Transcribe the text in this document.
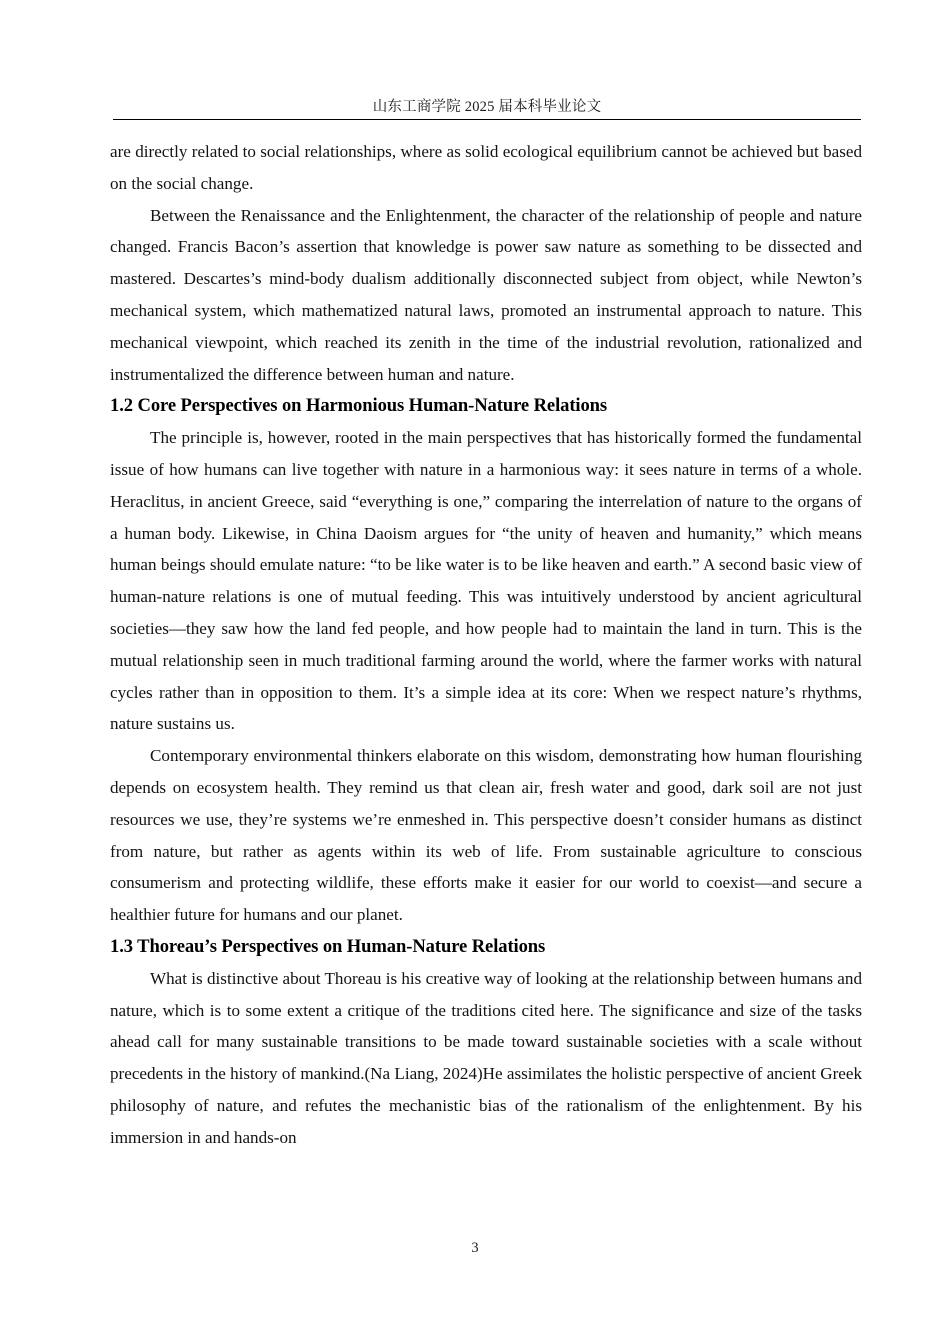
山东工商学院 2025 届本科毕业论文

are directly related to social relationships, where as solid ecological equilibrium cannot be achieved but based on the social change.

Between the Renaissance and the Enlightenment, the character of the relationship of people and nature changed. Francis Bacon’s assertion that knowledge is power saw nature as something to be dissected and mastered. Descartes’s mind-body dualism additionally disconnected subject from object, while Newton’s mechanical system, which mathematized natural laws, promoted an instrumental approach to nature. This mechanical viewpoint, which reached its zenith in the time of the industrial revolution, rationalized and instrumentalized the difference between human and nature.

1.2 Core Perspectives on Harmonious Human-Nature Relations

The principle is, however, rooted in the main perspectives that has historically formed the fundamental issue of how humans can live together with nature in a harmonious way: it sees nature in terms of a whole. Heraclitus, in ancient Greece, said “everything is one,” comparing the interrelation of nature to the organs of a human body. Likewise, in China Daoism argues for “the unity of heaven and humanity,” which means human beings should emulate nature: “to be like water is to be like heaven and earth.” A second basic view of human-nature relations is one of mutual feeding. This was intuitively understood by ancient agricultural societies—they saw how the land fed people, and how people had to maintain the land in turn. This is the mutual relationship seen in much traditional farming around the world, where the farmer works with natural cycles rather than in opposition to them. It’s a simple idea at its core: When we respect nature’s rhythms, nature sustains us.

Contemporary environmental thinkers elaborate on this wisdom, demonstrating how human flourishing depends on ecosystem health. They remind us that clean air, fresh water and good, dark soil are not just resources we use, they’re systems we’re enmeshed in. This perspective doesn’t consider humans as distinct from nature, but rather as agents within its web of life. From sustainable agriculture to conscious consumerism and protecting wildlife, these efforts make it easier for our world to coexist—and secure a healthier future for humans and our planet.

1.3 Thoreau’s Perspectives on Human-Nature Relations

What is distinctive about Thoreau is his creative way of looking at the relationship between humans and nature, which is to some extent a critique of the traditions cited here. The significance and size of the tasks ahead call for many sustainable transitions to be made toward sustainable societies with a scale without precedents in the history of mankind.(Na Liang, 2024)He assimilates the holistic perspective of ancient Greek philosophy of nature, and refutes the mechanistic bias of the rationalism of the enlightenment. By his immersion in and hands-on

3
